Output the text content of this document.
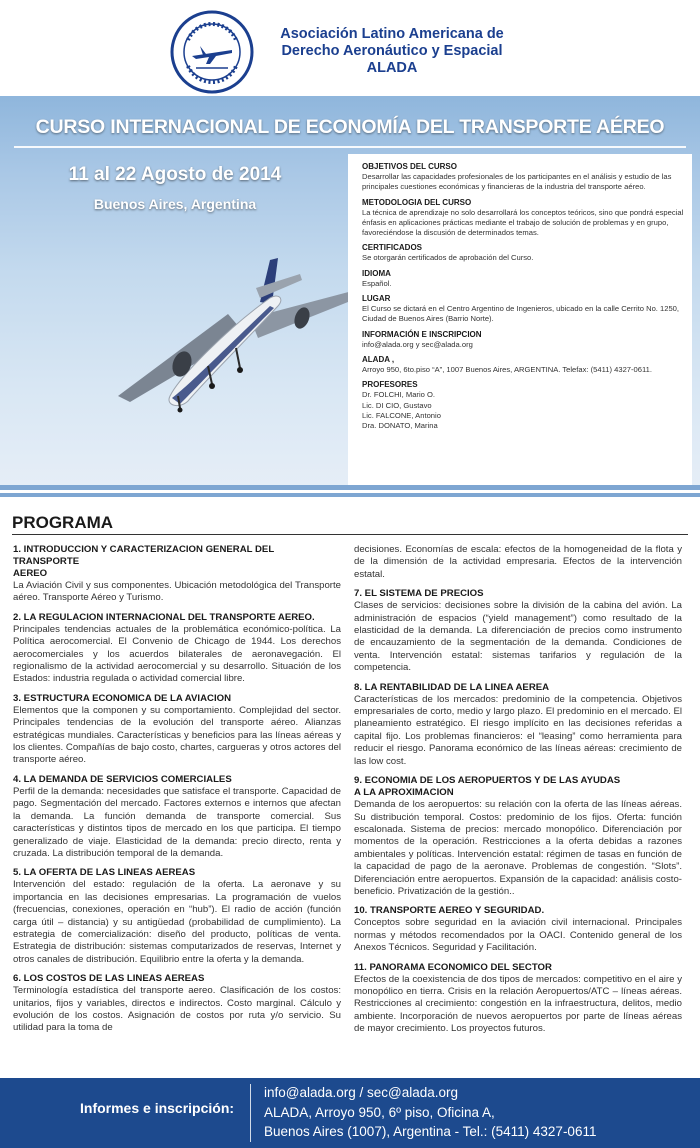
Asociación Latino Americana de
Derecho Aeronáutico y Espacial
ALADA
CURSO INTERNACIONAL DE ECONOMÍA DEL TRANSPORTE AÉREO
11 al 22 Agosto de 2014
Buenos Aires, Argentina
OBJETIVOS DEL CURSO
Desarrollar las capacidades profesionales de los participantes en el análisis y estudio de las
principales cuestiones económicas y financieras de la industria del transporte aéreo.
METODOLOGIA DEL CURSO
La técnica de aprendizaje no solo desarrollará los conceptos teóricos, sino que pondrá especial
énfasis en aplicaciones prácticas mediante el trabajo de solución de problemas y en grupo,
favoreciéndose la discusión de determinados temas.
CERTIFICADOS
Se otorgarán certificados de aprobación del Curso.
IDIOMA
Español.
LUGAR
El Curso se dictará en el Centro Argentino de Ingenieros, ubicado en la calle Cerrito No. 1250,
Ciudad de Buenos Aires (Barrio Norte).
INFORMACIÓN E INSCRIPCION
info@alada.org y sec@alada.org
ALADA ,
Arroyo 950, 6to.piso “A”, 1007 Buenos Aires, ARGENTINA. Telefax: (5411) 4327-0611.
PROFESORES
Dr. FOLCHI, Mario O.
Lic. DI CIO, Gustavo
Lic. FALCONE, Antonio
Dra. DONATO, Marina
PROGRAMA
1. INTRODUCCION Y CARACTERIZACION GENERAL DEL TRANSPORTE
AEREO
La Aviación Civil y sus componentes. Ubicación metodológica del Transporte aéreo. Transporte Aéreo y Turismo.
2. LA REGULACION INTERNACIONAL DEL TRANSPORTE AEREO.
Principales tendencias actuales de la problemática económico-política. La Política aerocomercial. El Convenio de Chicago de 1944. Los derechos aerocomerciales y los acuerdos bilaterales de aeronavegación. El regionalismo de la actividad aerocomercial y su desarrollo. Situación de los Estados: industria regulada o actividad comercial libre.
3. ESTRUCTURA ECONOMICA DE LA AVIACION
Elementos que la componen y su comportamiento. Complejidad del sector. Principales tendencias de la evolución del transporte aéreo. Alianzas estratégicas mundiales. Características y beneficios para las líneas aéreas y los clientes. Compañías de bajo costo, chartes, cargueras y otros actores del transporte aéreo.
4. LA DEMANDA DE SERVICIOS COMERCIALES
Perfil de la demanda: necesidades que satisface el transporte. Capacidad de pago. Segmentación del mercado. Factores externos e internos que afectan la demanda. La función demanda de transporte comercial. Sus características y distintos tipos de mercado en los que participa. El tiempo generalizado de viaje. Elasticidad de la demanda: precio directo, renta y cruzada. La distribución temporal de la demanda.
5. LA OFERTA DE LAS LINEAS AEREAS
Intervención del estado: regulación de la oferta. La aeronave y su importancia en las decisiones empresarias. La programación de vuelos (frecuencias, conexiones, operación en “hub”). El radio de acción (función carga útil – distancia) y su antigüedad (probabilidad de cumplimiento). La estrategia de comercialización: diseño del producto, políticas de venta. Estrategia de distribución: sistemas computarizados de reservas, Internet y otros canales de distribución. Equilibrio entre la oferta y la demanda.
6. LOS COSTOS DE LAS LINEAS AEREAS
Terminología estadística del transporte aereo. Clasificación de los costos: unitarios, fijos y variables, directos e indirectos. Costo marginal. Cálculo y evolución de los costos. Asignación de costos por ruta y/o servicio. Su utilidad para la toma de
decisiones. Economías de escala: efectos de la homogeneidad de la flota y de la dimensión de la actividad empresaria. Efectos de la intervención estatal.
7. EL SISTEMA DE PRECIOS
Clases de servicios: decisiones sobre la división de la cabina del avión. La administración de espacios (“yield management”) como resultado de la elasticidad de la demanda. La diferenciación de precios como instrumento de encauzamiento de la segmentación de la demanda. Condiciones de venta. Intervención estatal: sistemas tarifarios y regulación de la competencia.
8. LA RENTABILIDAD DE LA LINEA AEREA
Características de los mercados: predominio de la competencia. Objetivos empresariales de corto, medio y largo plazo. El predominio en el mercado. El planeamiento estratégico. El riesgo implícito en las decisiones referidas a capital fijo. Los problemas financieros: el “leasing” como herramienta para reducir el riesgo. Panorama económico de las líneas aéreas: crecimiento de las low cost.
9. ECONOMIA DE LOS AEROPUERTOS Y DE LAS AYUDAS
A LA APROXIMACION
Demanda de los aeropuertos: su relación con la oferta de las líneas aéreas. Su distribución temporal. Costos: predominio de los fijos. Oferta: función escalonada. Sistema de precios: mercado monopólico. Diferenciación por momentos de la operación. Restricciones a la oferta debidas a razones ambientales y políticas. Intervención estatal: régimen de tasas en función de la capacidad de pago de la aeronave. Problemas de congestión. “Slots”. Diferenciación entre aeropuertos. Expansión de la capacidad: análisis costo-beneficio. Privatización de la gestión..
10. TRANSPORTE AEREO Y SEGURIDAD.
Conceptos sobre seguridad en la aviación civil internacional. Principales normas y métodos recomendados por la OACI. Contenido general de los Anexos Técnicos. Seguridad y Facilitación.
11. PANORAMA ECONOMICO DEL SECTOR
Efectos de la coexistencia de dos tipos de mercados: competitivo en el aire y monopólico en tierra. Crisis en la relación Aeropuertos/ATC – líneas aéreas. Restricciones al crecimiento: congestión en la infraestructura, delitos, medio ambiente. Incorporación de nuevos aeropuertos por parte de líneas aéreas de mayor crecimiento. Los proyectos futuros.
Informes e inscripción:
info@alada.org / sec@alada.org
ALADA, Arroyo 950, 6º piso, Oficina A,
Buenos Aires (1007), Argentina - Tel.: (5411) 4327-0611
